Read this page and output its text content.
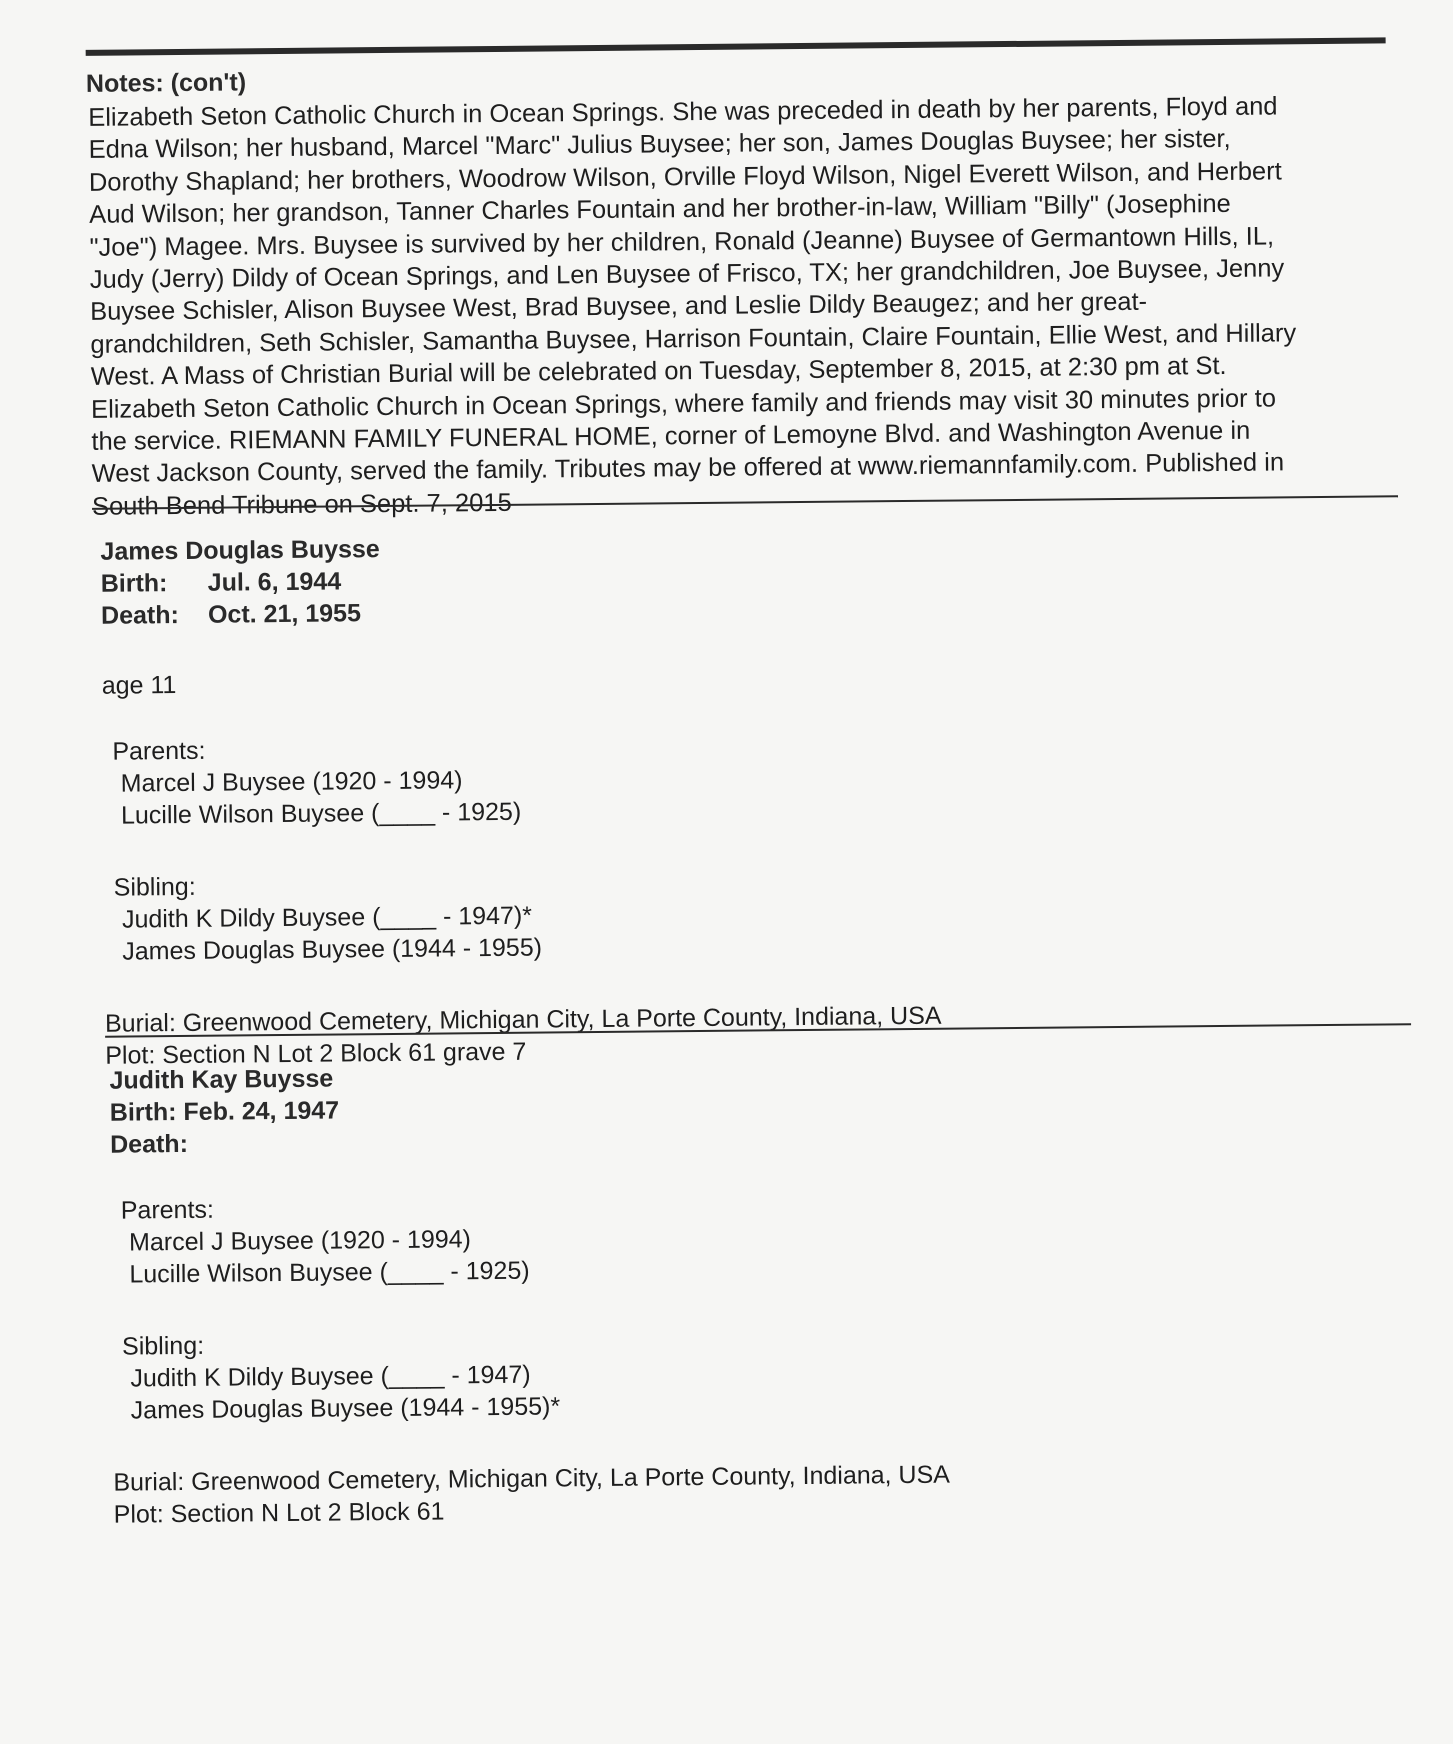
Notes: (con't)

Elizabeth Seton Catholic Church in Ocean Springs. She was preceded in death by her parents, Floyd and

Edna Wilson; her husband, Marcel "Marc" Julius Buysee; her son, James Douglas Buysee; her sister,

Dorothy Shapland; her brothers, Woodrow Wilson, Orville Floyd Wilson, Nigel Everett Wilson, and Herbert

Aud Wilson; her grandson, Tanner Charles Fountain and her brother-in-law, William "Billy" (Josephine

"Joe") Magee. Mrs. Buysee is survived by her children, Ronald (Jeanne) Buysee of Germantown Hills, IL,

Judy (Jerry) Dildy of Ocean Springs, and Len Buysee of Frisco, TX; her grandchildren, Joe Buysee, Jenny

Buysee Schisler, Alison Buysee West, Brad Buysee, and Leslie Dildy Beaugez; and her great-

grandchildren, Seth Schisler, Samantha Buysee, Harrison Fountain, Claire Fountain, Ellie West, and Hillary

West. A Mass of Christian Burial will be celebrated on Tuesday, September 8, 2015, at 2:30 pm at St.

Elizabeth Seton Catholic Church in Ocean Springs, where family and friends may visit 30 minutes prior to

the service. RIEMANN FAMILY FUNERAL HOME, corner of Lemoyne Blvd. and Washington Avenue in

West Jackson County, served the family. Tributes may be offered at www.riemannfamily.com. Published in

South Bend Tribune on Sept. 7, 2015

James Douglas Buysse
Birth: Jul. 6, 1944
Death: Oct. 21, 1955
age 11
Parents:
Marcel J Buysee (1920 - 1994)
Lucille Wilson Buysee (____ - 1925)
Sibling:
Judith K Dildy Buysee (____ - 1947)*
James Douglas Buysee (1944 - 1955)
Burial: Greenwood Cemetery, Michigan City, La Porte County, Indiana, USA
Plot: Section N Lot 2 Block 61 grave 7
Judith Kay Buysse
Birth: Feb. 24, 1947
Death:
Parents:
Marcel J Buysee (1920 - 1994)
Lucille Wilson Buysee (____ - 1925)
Sibling:
Judith K Dildy Buysee (____ - 1947)
James Douglas Buysee (1944 - 1955)*
Burial: Greenwood Cemetery, Michigan City, La Porte County, Indiana, USA
Plot: Section N Lot 2 Block 61
